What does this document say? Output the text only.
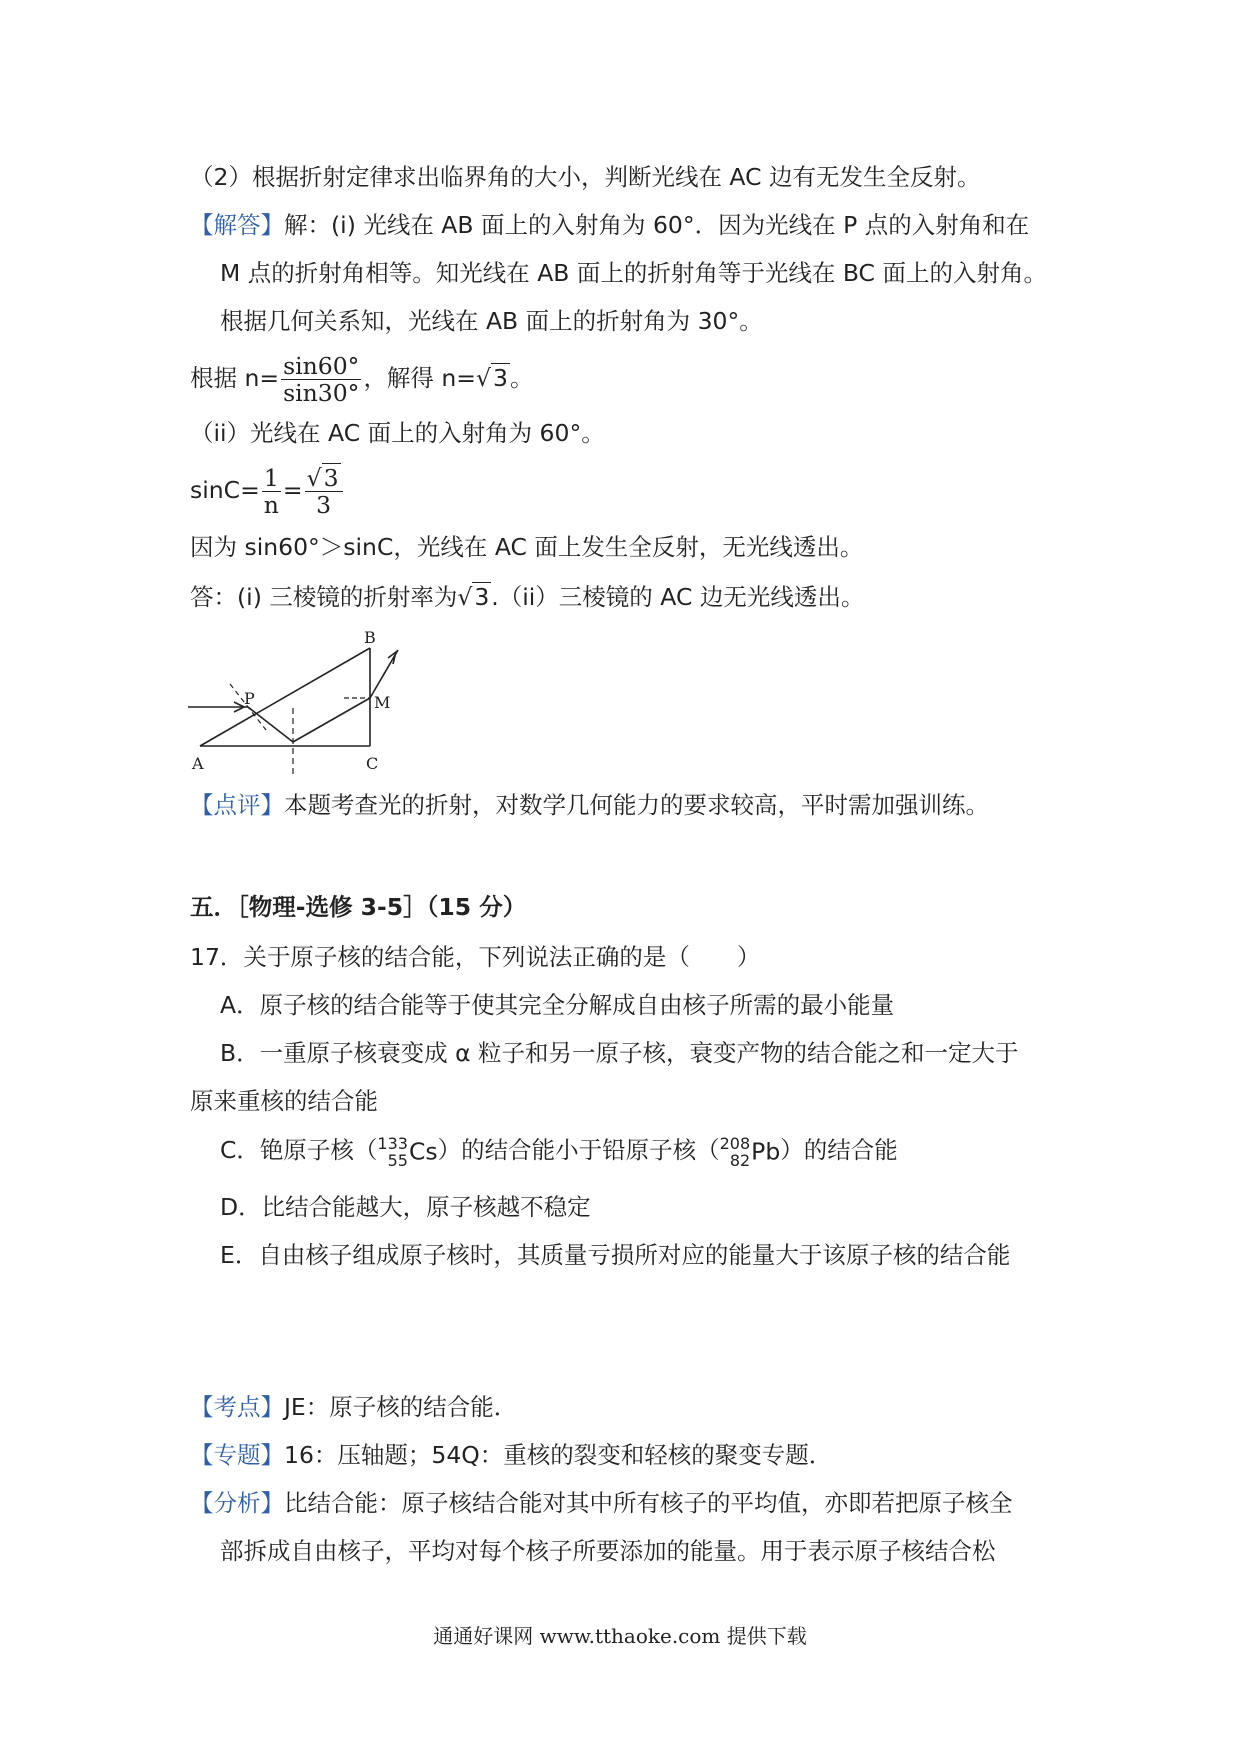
（2）根据折射定律求出临界角的大小，判断光线在 AC 边有无发生全反射。
【解答】解：(i) 光线在 AB 面上的入射角为 60°．因为光线在 P 点的入射角和在
M 点的折射角相等。知光线在 AB 面上的折射角等于光线在 BC 面上的入射角。
根据几何关系知，光线在 AB 面上的折射角为 30°。
根据 $n= \frac{\sin 60^\circ}{\sin 30^\circ}$ ，解得 n=√3。
（ii）光线在 AC 面上的入射角为 60°。
$\sin C= \frac{1}{n} = \frac{√3}{3}$
因为 sin60°＞sinC，光线在 AC 面上发生全反射，无光线透出。
答：(i) 三棱镜的折射率为√3.（ii）三棱镜的 AC 边无光线透出。
A
B
C
P	M
【点评】本题考查光的折射，对数学几何能力的要求较高，平时需加强训练。
五．［物理-选修 3-5］（15 分）
17．关于原子核的结合能，下列说法正确的是（　　）
A．原子核的结合能等于使其完全分解成自由核子所需的最小能量
B．一重原子核衰变成 α 粒子和另一原子核，衰变产物的结合能之和一定大于
原来重核的结合能
C．铯原子核（ 133
55 Cs）的结合能小于铅原子核（ 208
82 Pb）的结合能
D．比结合能越大，原子核越不稳定
E．自由核子组成原子核时，其质量亏损所对应的能量大于该原子核的结合能
【考点】JE：原子核的结合能．
【专题】16：压轴题；54Q：重核的裂变和轻核的聚变专题．
【分析】比结合能：原子核结合能对其中所有核子的平均值，亦即若把原子核全
部拆成自由核子，平均对每个核子所要添加的能量。用于表示原子核结合松
通通好课网 www.tthaoke.com 提供下载
